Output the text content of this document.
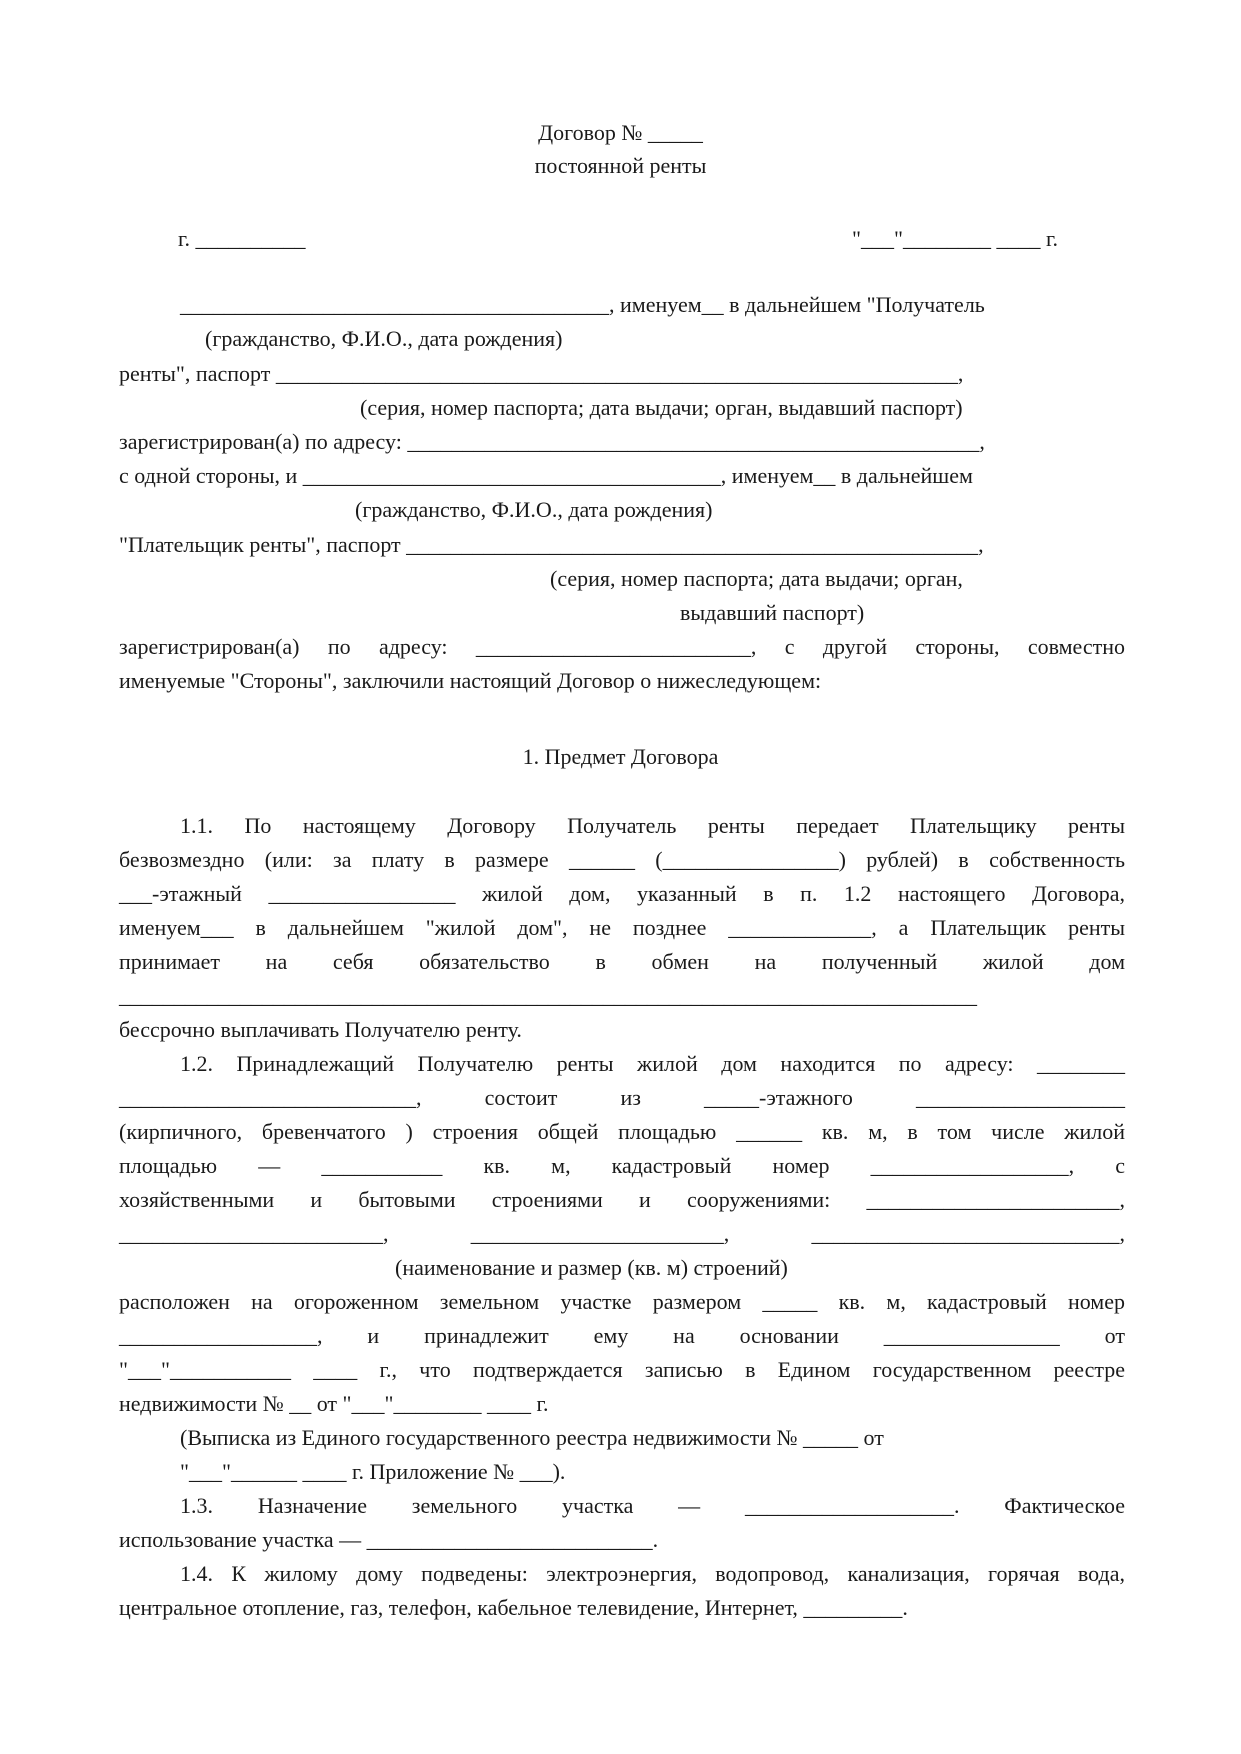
Договор № _____

постоянной ренты

г. __________	"___"________ ____ г.

_______________________________________, именуем__ в дальнейшем "Получатель

(гражданство, Ф.И.О., дата рождения)

ренты", паспорт ______________________________________________________________,

(серия, номер паспорта; дата выдачи; орган, выдавший паспорт)

зарегистрирован(а) по адресу: ____________________________________________________,

с одной стороны, и ______________________________________, именуем__ в дальнейшем

(гражданство, Ф.И.О., дата рождения)

"Плательщик ренты", паспорт ____________________________________________________,

(серия, номер паспорта; дата выдачи; орган,

выдавший паспорт)

зарегистрирован(а) по адресу: _________________________, с другой стороны, совместно

именуемые "Стороны", заключили настоящий Договор о нижеследующем:

1. Предмет Договора

1.1. По настоящему Договору Получатель ренты передает Плательщику ренты

безвозмездно (или: за плату в размере ______ (________________) рублей) в собственность

___-этажный _________________ жилой дом, указанный в п. 1.2 настоящего Договора,

именуем___ в дальнейшем "жилой дом", не позднее _____________, а Плательщик ренты

принимает на себя обязательство в обмен на полученный жилой дом

______________________________________________________________________________

бессрочно выплачивать Получателю ренту.

1.2. Принадлежащий Получателю ренты жилой дом находится по адресу: ________

___________________________, состоит из _____-этажного ___________________

(кирпичного, бревенчатого ) строения общей площадью ______ кв. м, в том числе жилой

площадью — ___________ кв. м, кадастровый номер __________________, с

хозяйственными и бытовыми строениями и сооружениями: _______________________,

________________________, _______________________, ____________________________,

(наименование и размер (кв. м) строений)

расположен на огороженном земельном участке размером _____ кв. м, кадастровый номер

__________________, и принадлежит ему на основании ________________ от

"___"___________ ____ г., что подтверждается записью в Едином государственном реестре

недвижимости № __ от "___"________ ____ г.

(Выписка из Единого государственного реестра недвижимости № _____ от

"___"______ ____ г. Приложение № ___).

1.3. Назначение земельного участка — ___________________. Фактическое

использование участка — __________________________.

1.4. К жилому дому подведены: электроэнергия, водопровод, канализация, горячая вода,

центральное отопление, газ, телефон, кабельное телевидение, Интернет, _________.
